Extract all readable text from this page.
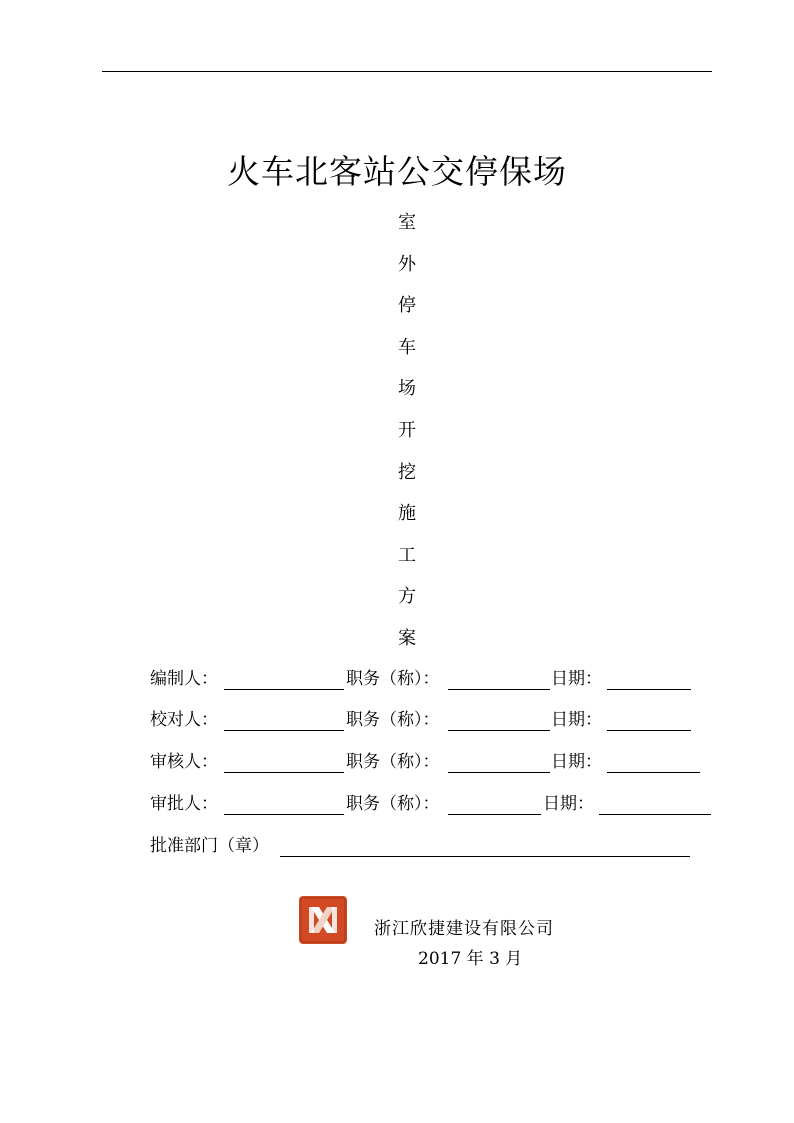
火车北客站公交停保场
室
外
停
车
场
开
挖
施
工
方
案
编制人：	职务（称）：	日期：
校对人：	职务（称）：	日期：
审核人：	职务（称）：	日期：
审批人：	职务（称）：	日期：
批准部门（章）
浙江欣捷建设有限公司
2017 年 3 月
